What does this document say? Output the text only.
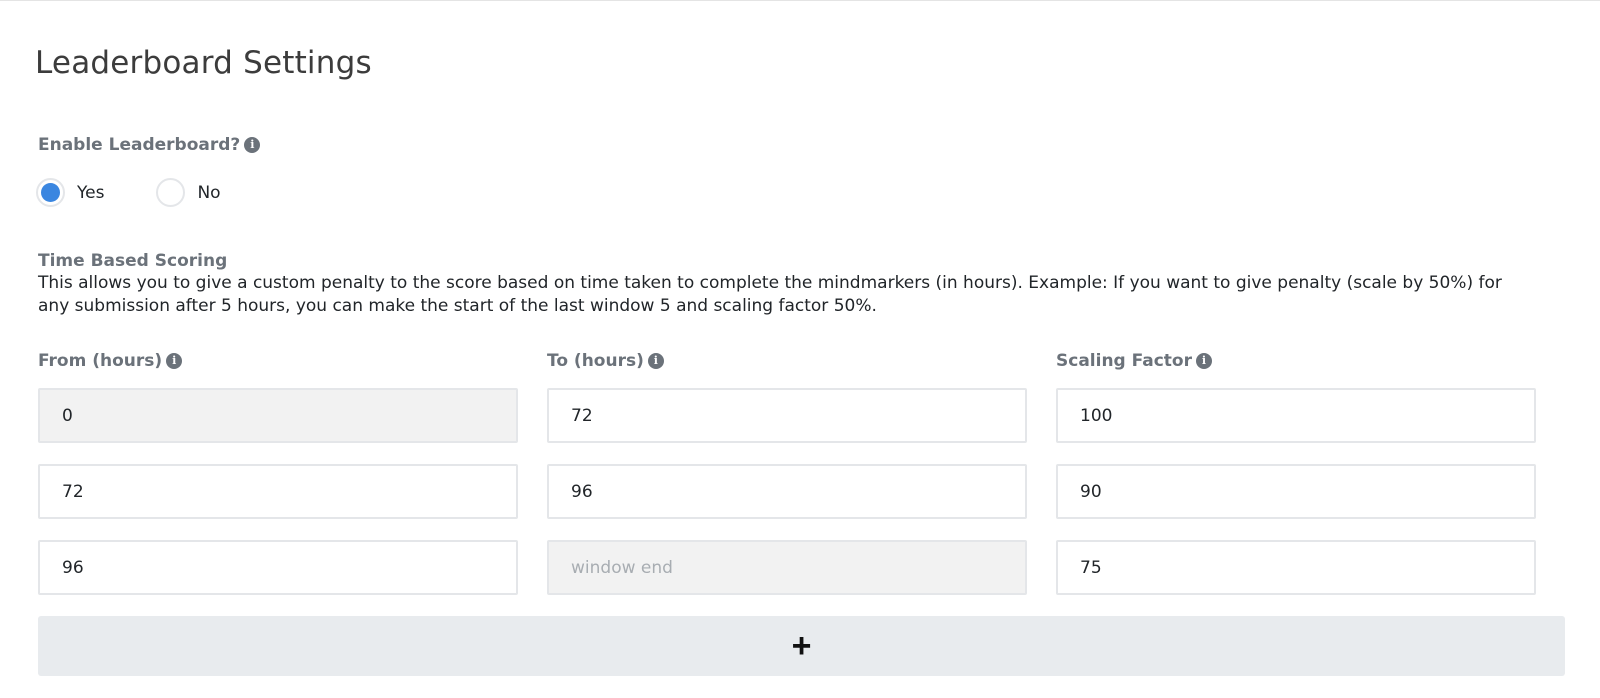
Leaderboard Settings
Enable Leaderboard? i
Yes	No
Time Based Scoring

This allows you to give a custom penalty to the score based on time taken to complete the mindmarkers (in hours). Example: If you want to give penalty (scale by 50%) for any submission after 5 hours, you can make the start of the last window 5 and scaling factor 50%.

From (hours) i	To (hours) i	Scaling Factor i
0	72	100
72	96	90
96	window end	75
+
